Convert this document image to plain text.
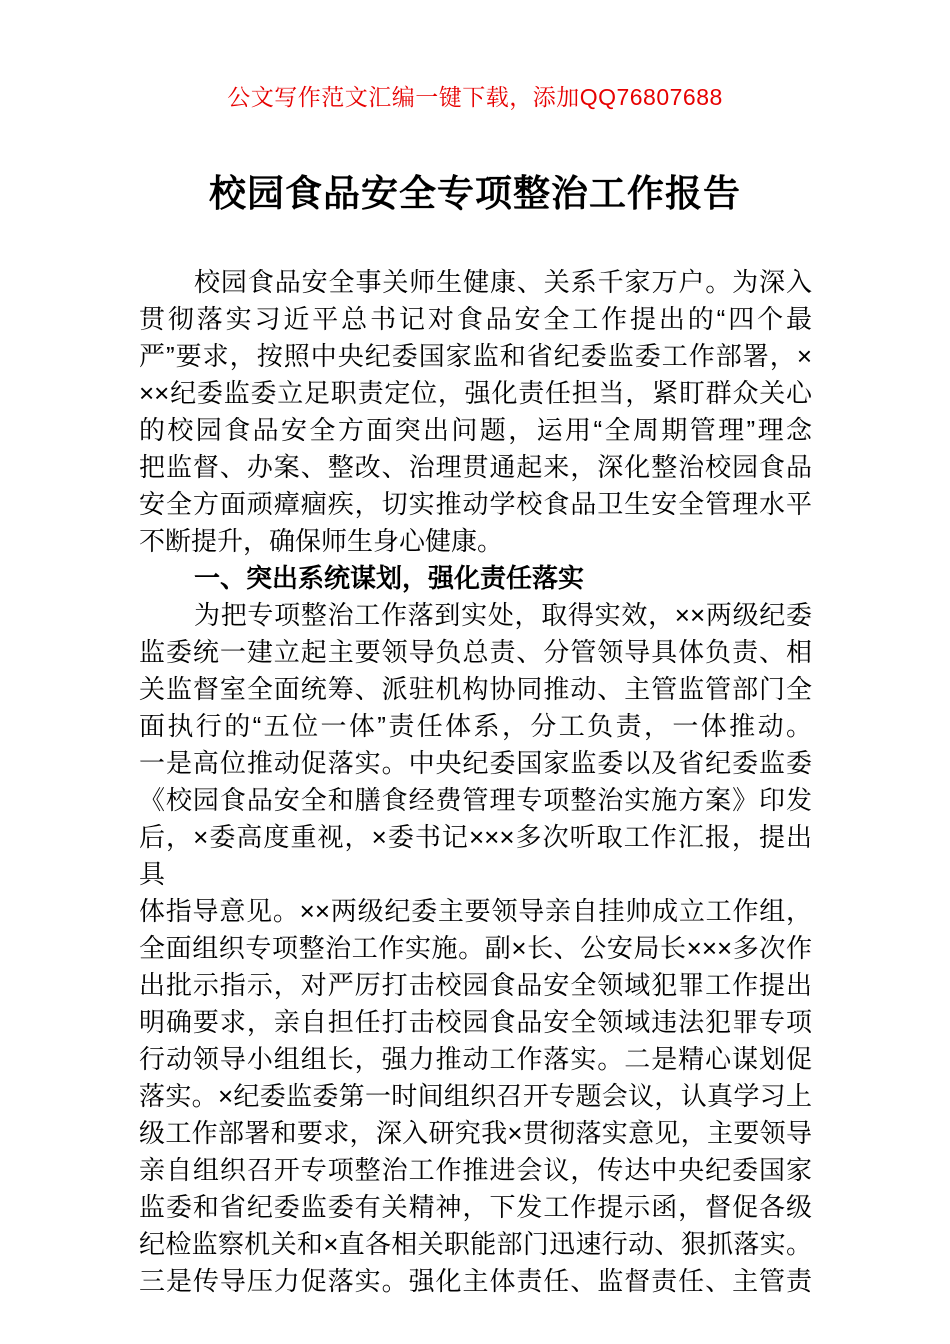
公文写作范文汇编一键下载，添加QQ76807688
校园食品安全专项整治工作报告
校园食品安全事关师生健康、关系千家万户。为深入
贯彻落实习近平总书记对食品安全工作提出的“四个最
严”要求，按照中央纪委国家监和省纪委监委工作部署，×
××纪委监委立足职责定位，强化责任担当，紧盯群众关心
的校园食品安全方面突出问题，运用“全周期管理”理念
把监督、办案、整改、治理贯通起来，深化整治校园食品
安全方面顽瘴痼疾，切实推动学校食品卫生安全管理水平
不断提升，确保师生身心健康。
一、突出系统谋划，强化责任落实
为把专项整治工作落到实处，取得实效，××两级纪委
监委统一建立起主要领导负总责、分管领导具体负责、相
关监督室全面统筹、派驻机构协同推动、主管监管部门全
面执行的“五位一体”责任体系，分工负责，一体推动。
一是高位推动促落实。中央纪委国家监委以及省纪委监委
《校园食品安全和膳食经费管理专项整治实施方案》印发
后，×委高度重视，×委书记×××多次听取工作汇报，提出具
体指导意见。××两级纪委主要领导亲自挂帅成立工作组，
全面组织专项整治工作实施。副×长、公安局长×××多次作
出批示指示，对严厉打击校园食品安全领域犯罪工作提出
明确要求，亲自担任打击校园食品安全领域违法犯罪专项
行动领导小组组长，强力推动工作落实。二是精心谋划促
落实。×纪委监委第一时间组织召开专题会议，认真学习上
级工作部署和要求，深入研究我×贯彻落实意见，主要领导
亲自组织召开专项整治工作推进会议，传达中央纪委国家
监委和省纪委监委有关精神，下发工作提示函，督促各级
纪检监察机关和×直各相关职能部门迅速行动、狠抓落实。
三是传导压力促落实。强化主体责任、监督责任、主管责
